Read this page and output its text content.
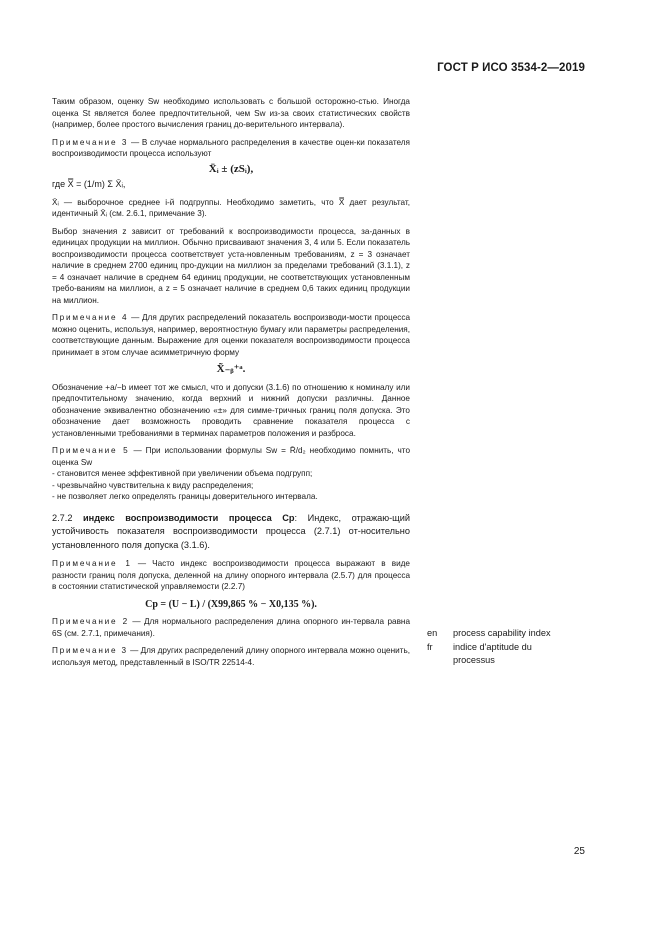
ГОСТ Р ИСО 3534-2—2019

Таким образом, оценку Sw необходимо использовать с большой осторожно-стью. Иногда оценка St является более предпочтительной, чем Sw из-за своих статистических свойств (например, более простого вычисления границ до-верительного интервала).

Примечание 3 — В случае нормального распределения в качестве оцен-ки показателя воспроизводимости процесса используют

X̄ᵢ ± (zSᵢ),

где X̿ = (1/m) Σ X̄ᵢ,

X̄ᵢ — выборочное среднее i-й подгруппы. Необходимо заметить, что X̿ дает результат, идентичный X̄ᵢ (см. 2.6.1, примечание 3).

Выбор значения z зависит от требований к воспроизводимости процесса, за-данных в единицах продукции на миллион. Обычно присваивают значения 3, 4 или 5. Если показатель воспроизводимости процесса соответствует уста-новленным требованиям, z = 3 означает наличие в среднем 2700 единиц про-дукции на миллион за пределами требований (3.1.1), z = 4 означает наличие в среднем 64 единиц продукции, не соответствующих установленным требо-ваниям на миллион, а z = 5 означает наличие в среднем 0,6 таких единиц продукции на миллион.

Примечание 4 — Для других распределений показатель воспроизводи-мости процесса можно оценить, используя, например, вероятностную бумагу или параметры распределения, соответствующие данным. Выражение для оценки показателя воспроизводимости процесса принимает в этом случае асимметричную форму

X̃₋ᵦ⁺ᵃ.

Обозначение +a/−b имеет тот же смысл, что и допуски (3.1.6) по отношению к номиналу или предпочтительному значению, когда верхний и нижний допуски различны. Данное обозначение эквивалентно обозначению «±» для симме-тричных границ поля допуска. Это обозначение дает возможность проводить сравнение показателя процесса с установленными требованиями в терминах параметров положения и разброса.

Примечание 5 — При использовании формулы Sw = R̄/d₂ необходимо помнить, что оценка Sw

- становится менее эффективной при увеличении объема подгрупп;

- чрезвычайно чувствительна к виду распределения;

- не позволяет легко определять границы доверительного интервала.

2.7.2 индекс воспроизводимости процесса Cp: Индекс, отражаю-щий устойчивость показателя воспроизводимости процесса (2.7.1) от-носительно установленного поля допуска (3.1.6).

Примечание 1 — Часто индекс воспроизводимости процесса выражают в виде разности границ поля допуска, деленной на длину опорного интервала (2.5.7) для процесса в состоянии статистической управляемости (2.2.7)

Cp = (U − L) / (X99,865 % − X0,135 %).

Примечание 2 — Для нормального распределения длина опорного ин-тервала равна 6S (см. 2.7.1, примечания).

Примечание 3 — Для других распределений длину опорного интервала можно оценить, используя метод, представленный в ISO/TR 22514-4.

en process capability index
fr indice d'aptitude du
processus
25
